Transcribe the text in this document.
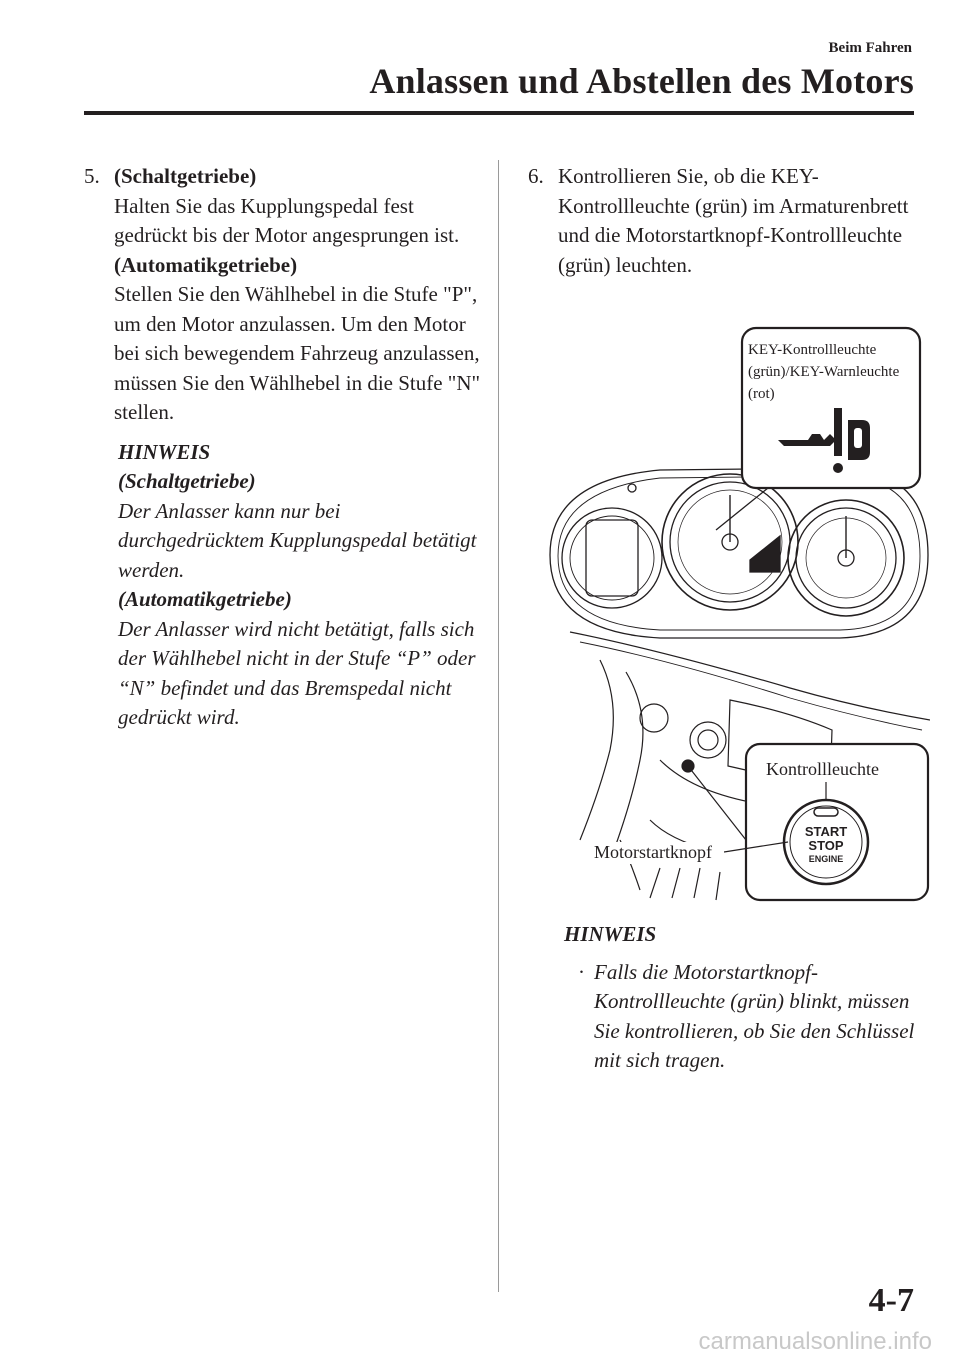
Beim Fahren
Anlassen und Abstellen des Motors
5. (Schaltgetriebe)
Halten Sie das Kupplungspedal fest gedrückt bis der Motor angesprungen ist.
(Automatikgetriebe)
Stellen Sie den Wählhebel in die Stufe "P", um den Motor anzulassen. Um den Motor bei sich bewegendem Fahrzeug anzulassen, müssen Sie den Wählhebel in die Stufe "N" stellen.
HINWEIS
(Schaltgetriebe)
Der Anlasser kann nur bei durchgedrücktem Kupplungspedal betätigt werden.
(Automatikgetriebe)
Der Anlasser wird nicht betätigt, falls sich der Wählhebel nicht in der Stufe “P” oder “N” befindet und das Bremspedal nicht gedrückt wird.
6. Kontrollieren Sie, ob die KEY-Kontrollleuchte (grün) im Armaturenbrett und die Motorstartknopf-Kontrollleuchte (grün) leuchten.
KEY-Kontrollleuchte
(grün)/KEY-Warnleuchte
(rot)
Kontrollleuchte
START
STOP
ENGINE
Motorstartknopf
HINWEIS
· Falls die Motorstartknopf-Kontrollleuchte (grün) blinkt, müssen Sie kontrollieren, ob Sie den Schlüssel mit sich tragen.
4-7
carmanualsonline.info
